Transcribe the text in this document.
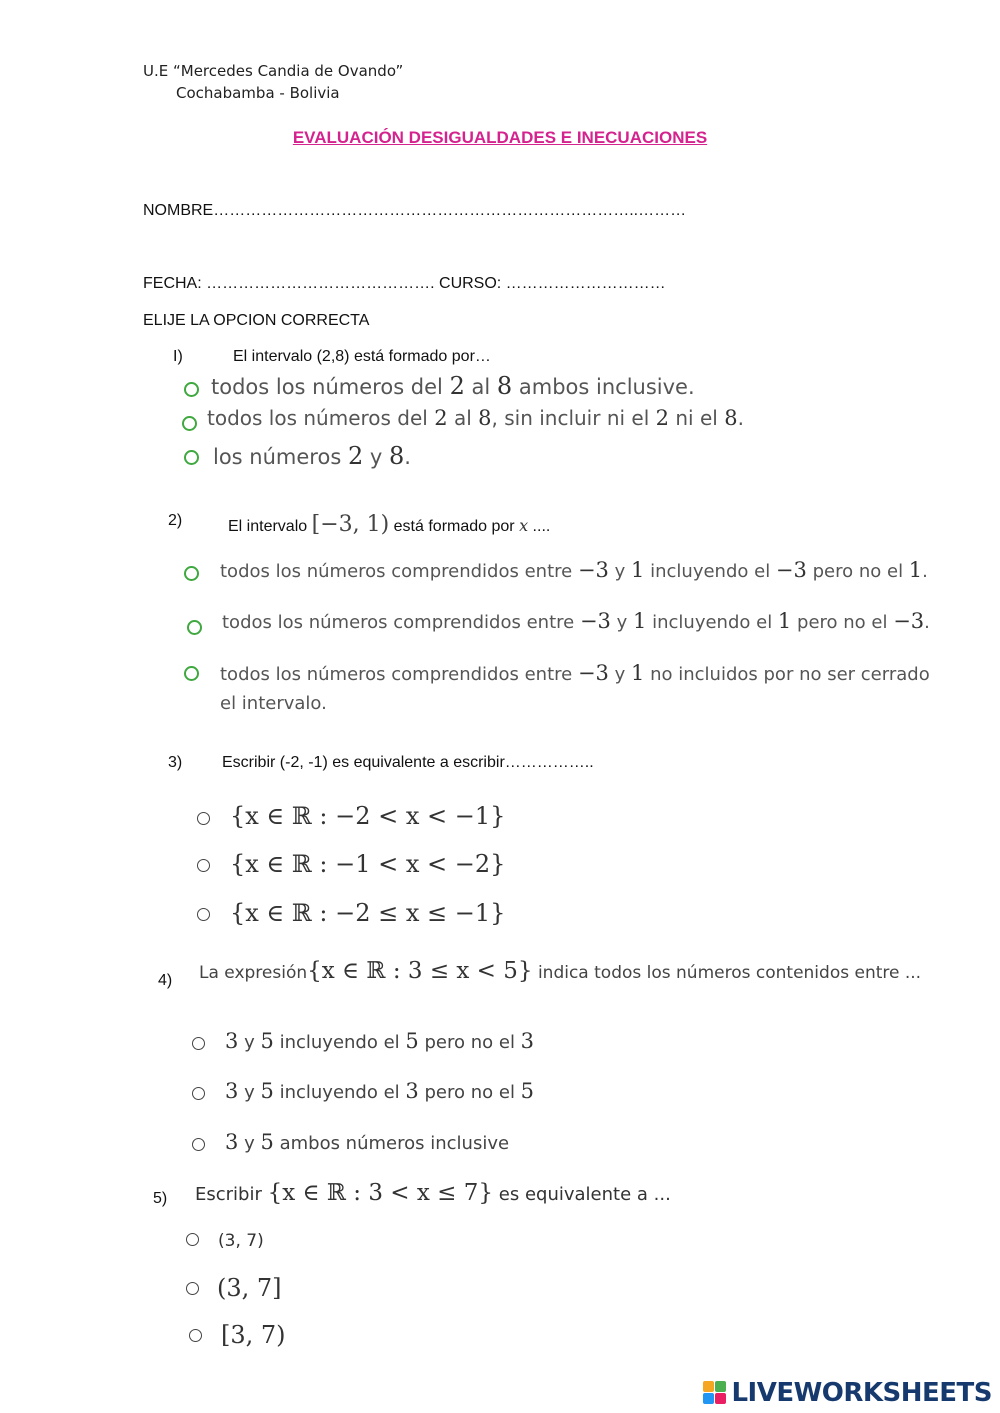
U.E “Mercedes Candia de Ovando”
Cochabamba - Bolivia
EVALUACIÓN DESIGUALDADES E INECUACIONES
NOMBRE……………………………………………………………………..………
FECHA: ……………………………………. CURSO: …………………………
ELIJE LA OPCION CORRECTA
I)	El intervalo (2,8) está formado por…
todos los números del 2 al 8 ambos inclusive.
todos los números del 2 al 8, sin incluir ni el 2 ni el 8.
los números 2 y 8.
2)	El intervalo [−3, 1) está formado por x ....
todos los números comprendidos entre −3 y 1 incluyendo el −3 pero no el 1.
todos los números comprendidos entre −3 y 1 incluyendo el 1 pero no el −3.
todos los números comprendidos entre −3 y 1 no incluidos por no ser cerrado
el intervalo.
3) Escribir (-2, -1) es equivalente a escribir……………..
{x ∈ ℝ : −2 < x < −1}
{x ∈ ℝ : −1 < x < −2}
{x ∈ ℝ : −2 ≤ x ≤ −1}
4) La expresión{x ∈ ℝ : 3 ≤ x < 5} indica todos los números contenidos entre ...
3 y 5 incluyendo el 5 pero no el 3
3 y 5 incluyendo el 3 pero no el 5
3 y 5 ambos números inclusive
5) Escribir {x ∈ ℝ : 3 < x ≤ 7} es equivalente a ...
(3, 7)
(3, 7]
[3, 7)
LIVEWORKSHEETS
